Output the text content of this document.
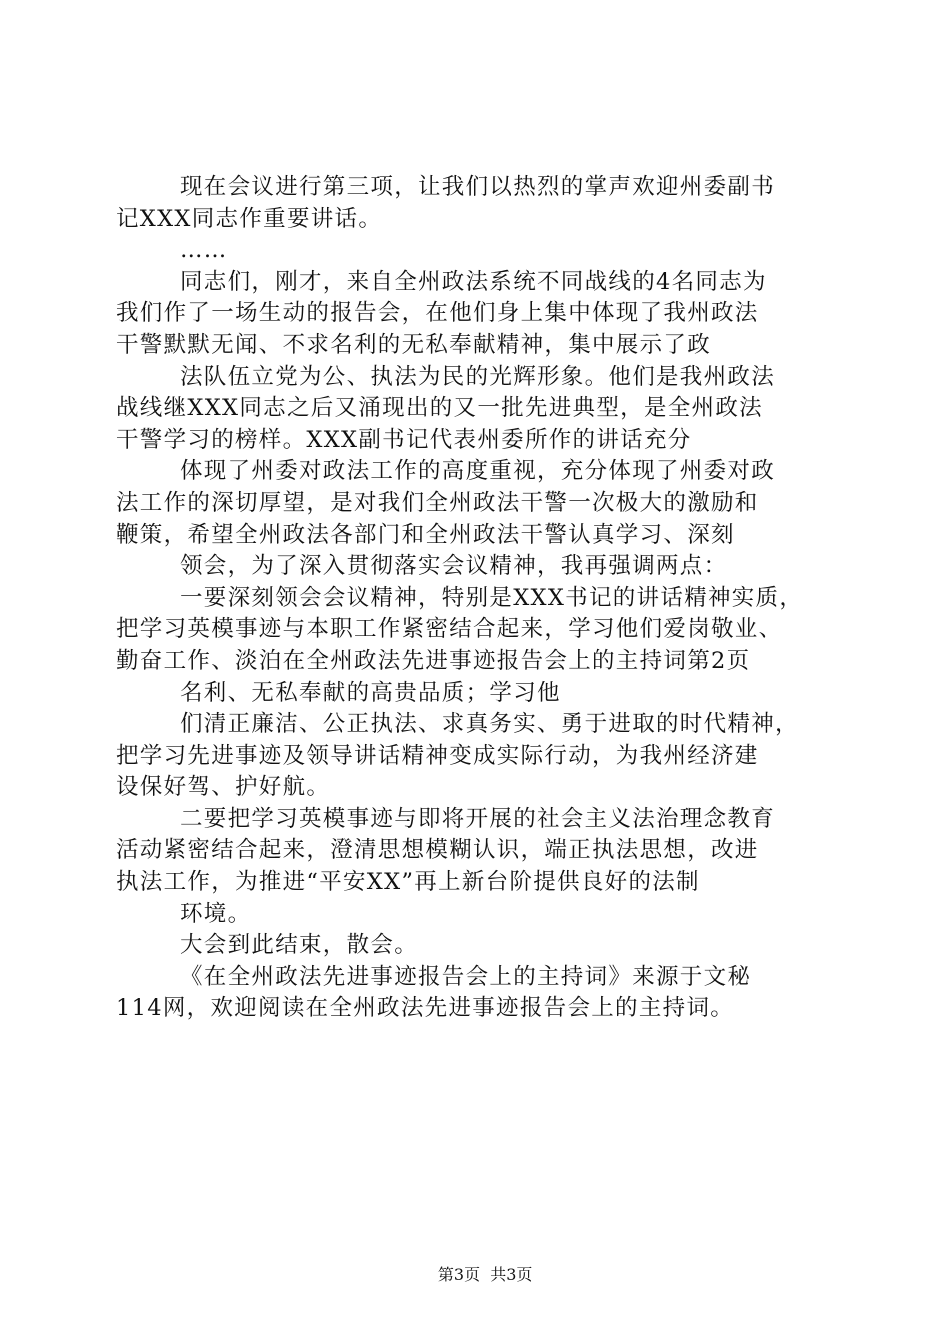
现在会议进行第三项，让我们以热烈的掌声欢迎州委副书
记XXX同志作重要讲话。
……
同志们，刚才，来自全州政法系统不同战线的4名同志为
我们作了一场生动的报告会，在他们身上集中体现了我州政法
干警默默无闻、不求名利的无私奉献精神，集中展示了政
法队伍立党为公、执法为民的光辉形象。他们是我州政法
战线继XXX同志之后又涌现出的又一批先进典型，是全州政法
干警学习的榜样。XXX副书记代表州委所作的讲话充分
体现了州委对政法工作的高度重视，充分体现了州委对政
法工作的深切厚望，是对我们全州政法干警一次极大的激励和
鞭策，希望全州政法各部门和全州政法干警认真学习、深刻
领会，为了深入贯彻落实会议精神，我再强调两点：
一要深刻领会会议精神，特别是XXX书记的讲话精神实质，
把学习英模事迹与本职工作紧密结合起来，学习他们爱岗敬业、
勤奋工作、淡泊在全州政法先进事迹报告会上的主持词第2页
名利、无私奉献的高贵品质；学习他
们清正廉洁、公正执法、求真务实、勇于进取的时代精神，
把学习先进事迹及领导讲话精神变成实际行动，为我州经济建
设保好驾、护好航。
二要把学习英模事迹与即将开展的社会主义法治理念教育
活动紧密结合起来，澄清思想模糊认识，端正执法思想，改进
执法工作，为推进“平安XX”再上新台阶提供良好的法制
环境。
大会到此结束，散会。
《在全州政法先进事迹报告会上的主持词》来源于文秘
114网，欢迎阅读在全州政法先进事迹报告会上的主持词。

第3页  共3页
